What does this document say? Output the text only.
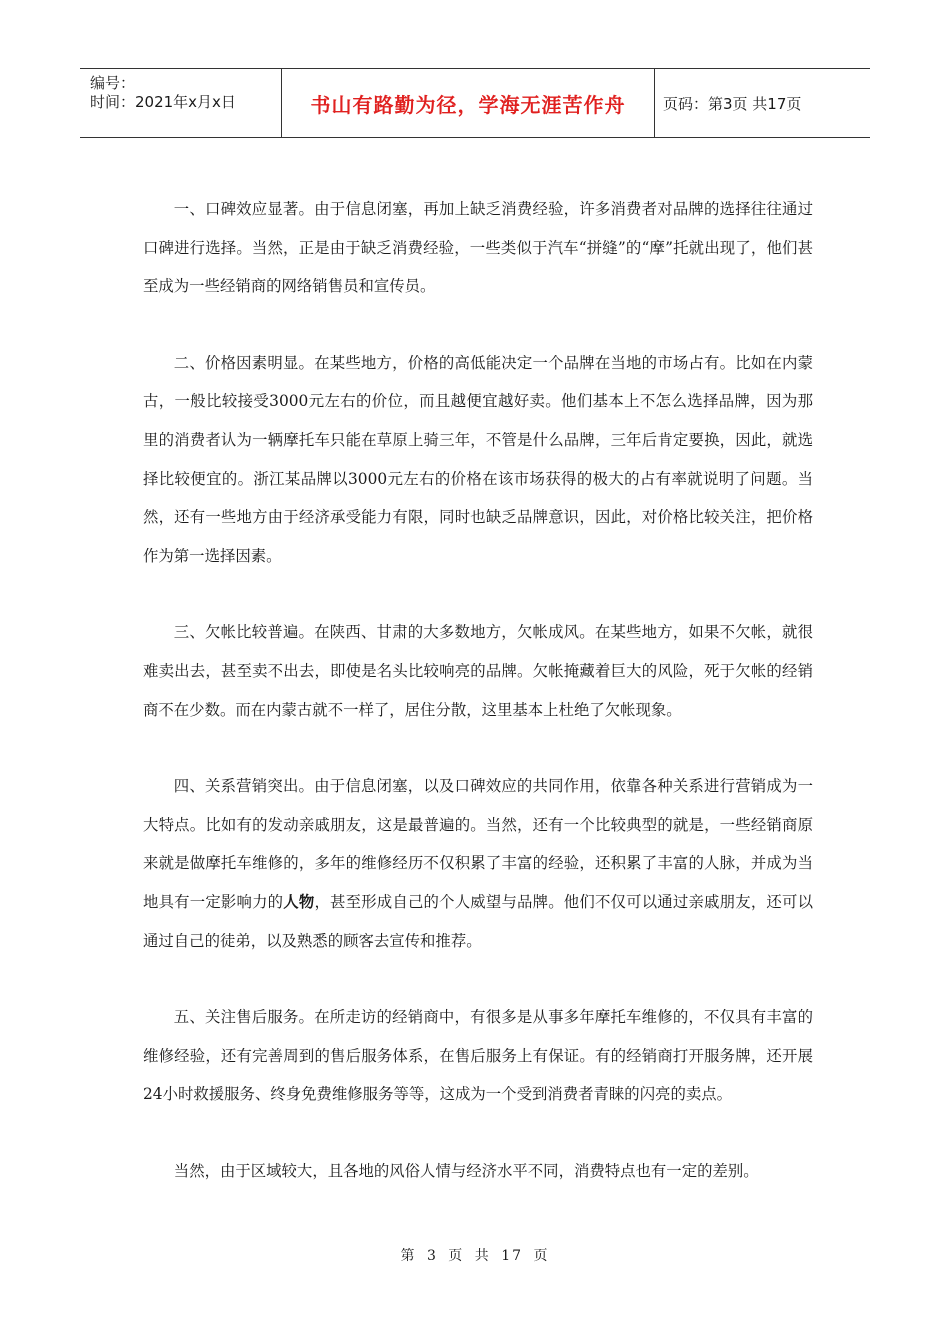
编号：
时间：2021年x月x日	书山有路勤为径，学海无涯苦作舟	页码：第3页 共17页

一、口碑效应显著。由于信息闭塞，再加上缺乏消费经验，许多消费者对品牌的选择往往通过口碑进行选择。当然，正是由于缺乏消费经验，一些类似于汽车“拼缝”的“摩”托就出现了，他们甚至成为一些经销商的网络销售员和宣传员。

二、价格因素明显。在某些地方，价格的高低能决定一个品牌在当地的市场占有。比如在内蒙古，一般比较接受3000元左右的价位，而且越便宜越好卖。他们基本上不怎么选择品牌，因为那里的消费者认为一辆摩托车只能在草原上骑三年，不管是什么品牌，三年后肯定要换，因此，就选择比较便宜的。浙江某品牌以3000元左右的价格在该市场获得的极大的占有率就说明了问题。当然，还有一些地方由于经济承受能力有限，同时也缺乏品牌意识，因此，对价格比较关注，把价格作为第一选择因素。

三、欠帐比较普遍。在陕西、甘肃的大多数地方，欠帐成风。在某些地方，如果不欠帐，就很难卖出去，甚至卖不出去，即使是名头比较响亮的品牌。欠帐掩藏着巨大的风险，死于欠帐的经销商不在少数。而在内蒙古就不一样了，居住分散，这里基本上杜绝了欠帐现象。

四、关系营销突出。由于信息闭塞，以及口碑效应的共同作用，依靠各种关系进行营销成为一大特点。比如有的发动亲戚朋友，这是最普遍的。当然，还有一个比较典型的就是，一些经销商原来就是做摩托车维修的，多年的维修经历不仅积累了丰富的经验，还积累了丰富的人脉，并成为当地具有一定影响力的人物，甚至形成自己的个人威望与品牌。他们不仅可以通过亲戚朋友，还可以通过自己的徒弟，以及熟悉的顾客去宣传和推荐。

五、关注售后服务。在所走访的经销商中，有很多是从事多年摩托车维修的，不仅具有丰富的维修经验，还有完善周到的售后服务体系，在售后服务上有保证。有的经销商打开服务牌，还开展24小时救援服务、终身免费维修服务等等，这成为一个受到消费者青睐的闪亮的卖点。

当然，由于区域较大，且各地的风俗人情与经济水平不同，消费特点也有一定的差别。

第 3 页 共 17 页
